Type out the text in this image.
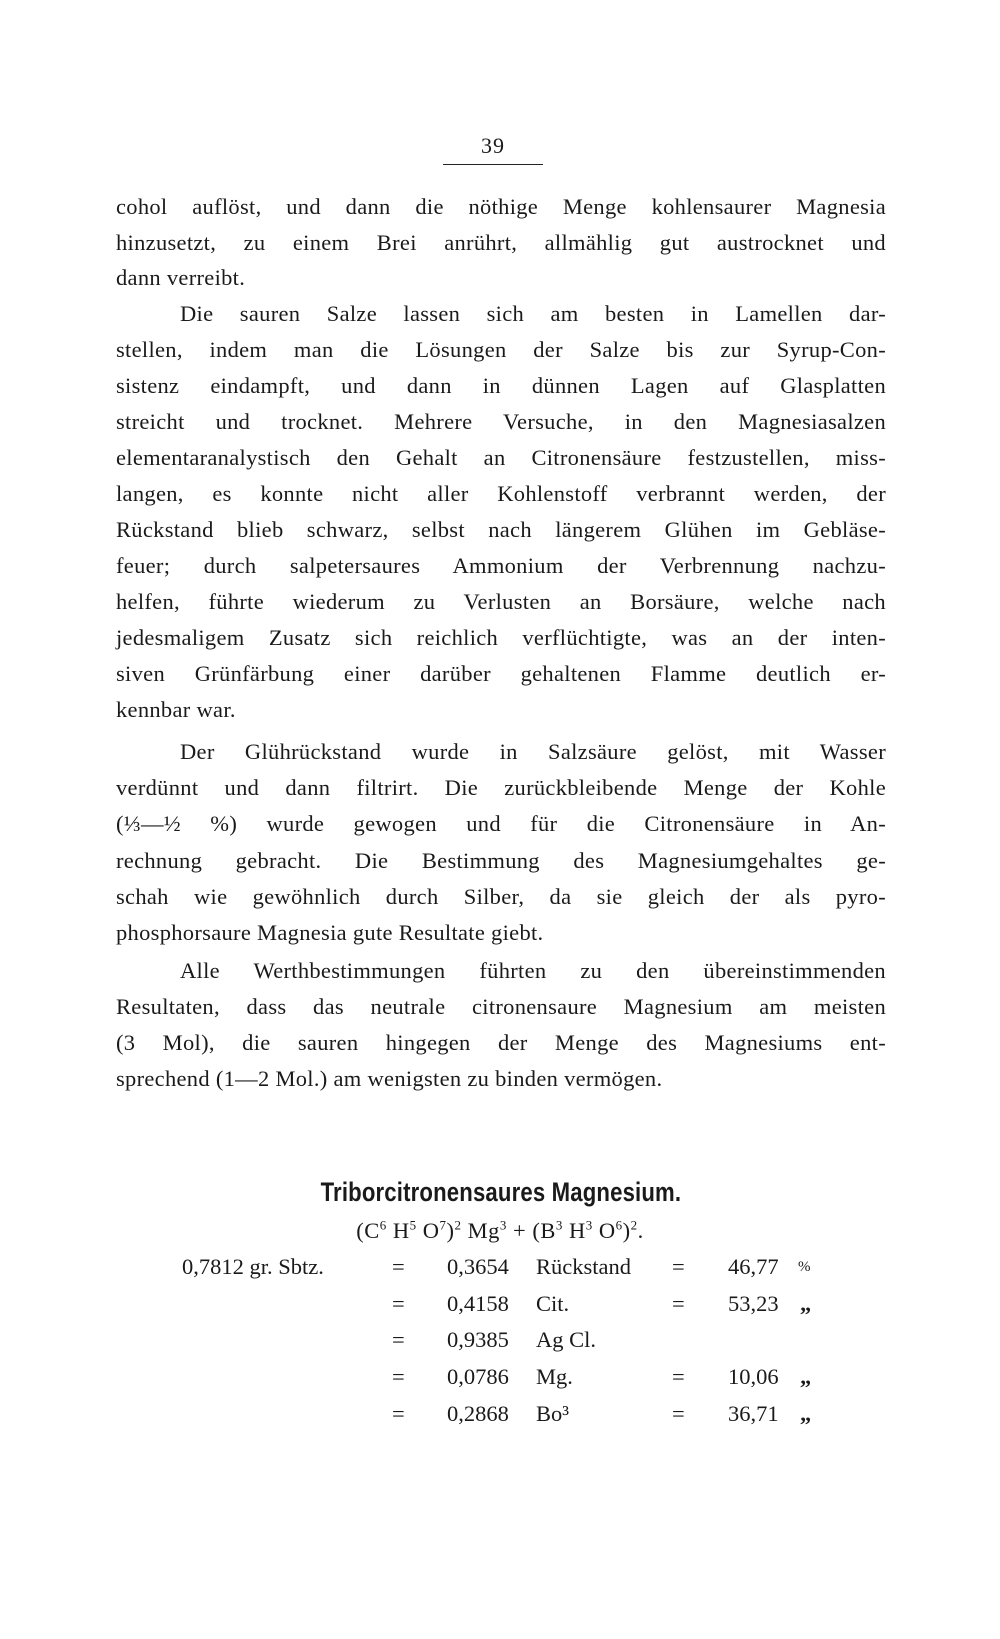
39
cohol auflöst, und dann die nöthige Menge kohlensaurer Magnesia
hinzusetzt, zu einem Brei anrührt, allmählig gut austrocknet und
dann verreibt.
Die sauren Salze lassen sich am besten in Lamellen dar-
stellen, indem man die Lösungen der Salze bis zur Syrup-Con-
sistenz eindampft, und dann in dünnen Lagen auf Glasplatten
streicht und trocknet. Mehrere Versuche, in den Magnesiasalzen
elementaranalystisch den Gehalt an Citronensäure festzustellen, miss-
langen, es konnte nicht aller Kohlenstoff verbrannt werden, der
Rückstand blieb schwarz, selbst nach längerem Glühen im Gebläse-
feuer; durch salpetersaures Ammonium der Verbrennung nachzu-
helfen, führte wiederum zu Verlusten an Borsäure, welche nach
jedesmaligem Zusatz sich reichlich verflüchtigte, was an der inten-
siven Grünfärbung einer darüber gehaltenen Flamme deutlich er-
kennbar war.
Der Glührückstand wurde in Salzsäure gelöst, mit Wasser
verdünnt und dann filtrirt. Die zurückbleibende Menge der Kohle
(⅓—½ %) wurde gewogen und für die Citronensäure in An-
rechnung gebracht. Die Bestimmung des Magnesiumgehaltes ge-
schah wie gewöhnlich durch Silber, da sie gleich der als pyro-
phosphorsaure Magnesia gute Resultate giebt.
Alle Werthbestimmungen führten zu den übereinstimmenden
Resultaten, dass das neutrale citronensaure Magnesium am meisten
(3 Mol), die sauren hingegen der Menge des Magnesiums ent-
sprechend (1—2 Mol.) am wenigsten zu binden vermögen.
Triborcitronensaures Magnesium.
($C^6$ $H^5$ $O^7)^2$ $Mg^3 + (B^3$ $H^3$ $O^6)^2$.
0,7812 gr. Sbtz.	= 0,3654 Rückstand = 46,77 %
= 0,4158 Cit.	= 53,23 „
= 0,9385 Ag Cl.
= 0,0786 Mg.	= 10,06 „
= 0,2868 Bo³	= 36,71 „
